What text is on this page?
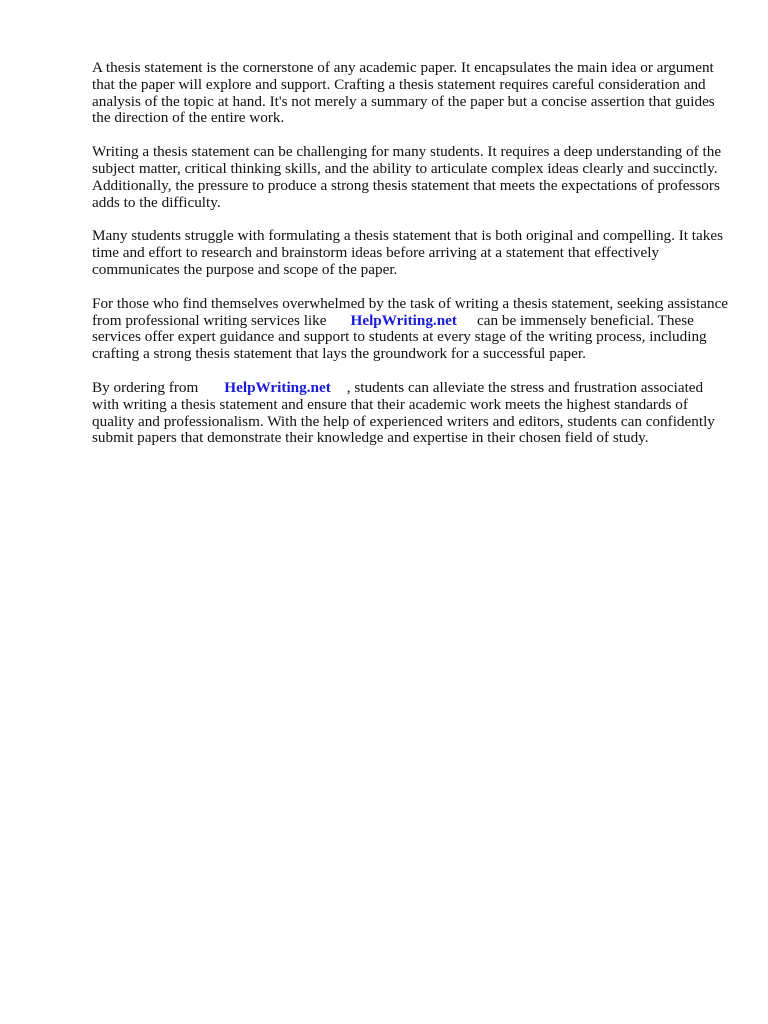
A thesis statement is the cornerstone of any academic paper. It encapsulates the main idea or argument that the paper will explore and support. Crafting a thesis statement requires careful consideration and analysis of the topic at hand. It's not merely a summary of the paper but a concise assertion that guides the direction of the entire work.

Writing a thesis statement can be challenging for many students. It requires a deep understanding of the subject matter, critical thinking skills, and the ability to articulate complex ideas clearly and succinctly. Additionally, the pressure to produce a strong thesis statement that meets the expectations of professors adds to the difficulty.

Many students struggle with formulating a thesis statement that is both original and compelling. It takes time and effort to research and brainstorm ideas before arriving at a statement that effectively communicates the purpose and scope of the paper.

For those who find themselves overwhelmed by the task of writing a thesis statement, seeking assistance from professional writing services like HelpWriting.net can be immensely beneficial. These services offer expert guidance and support to students at every stage of the writing process, including crafting a strong thesis statement that lays the groundwork for a successful paper.

By ordering from HelpWriting.net , students can alleviate the stress and frustration associated with writing a thesis statement and ensure that their academic work meets the highest standards of quality and professionalism. With the help of experienced writers and editors, students can confidently submit papers that demonstrate their knowledge and expertise in their chosen field of study.
